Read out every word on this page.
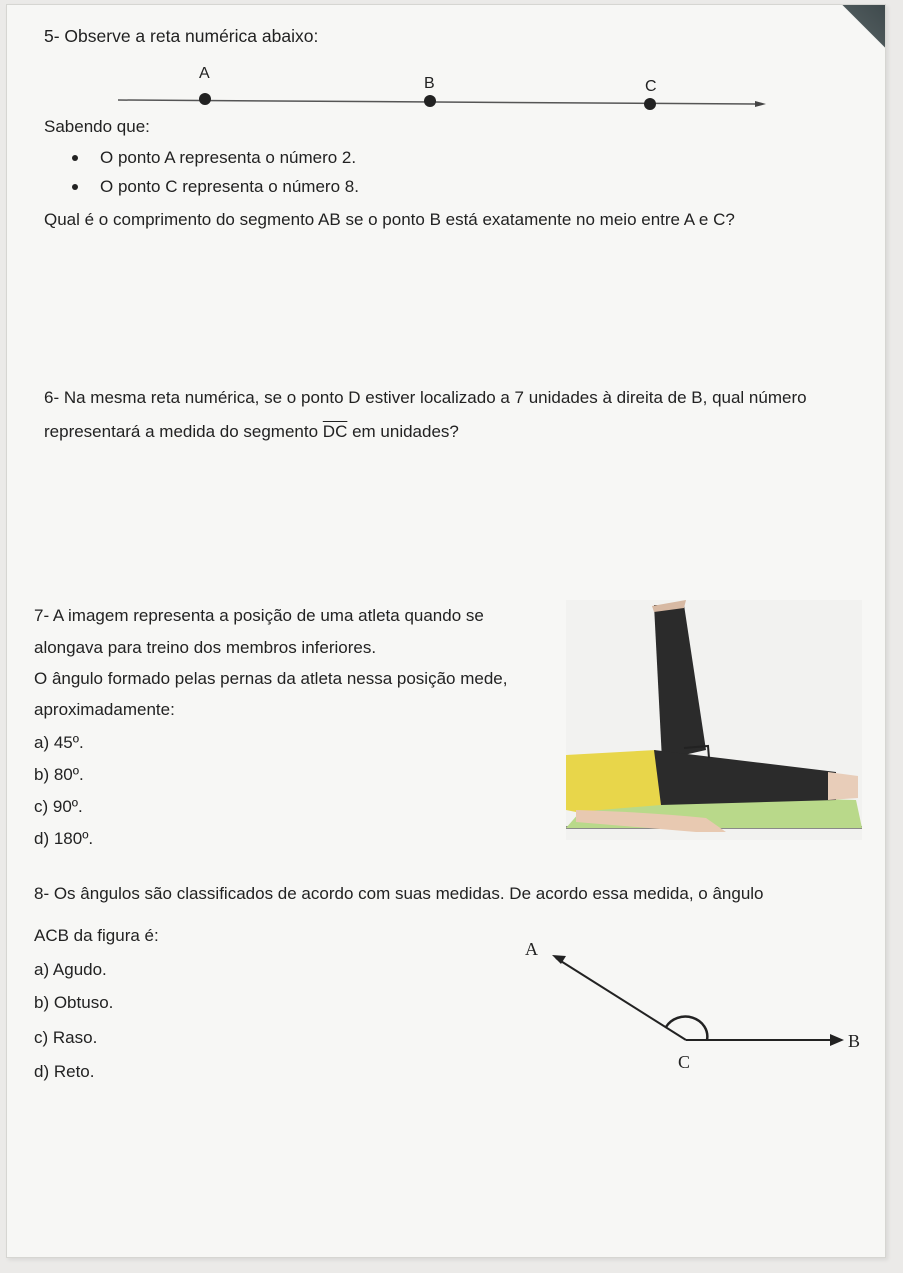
5- Observe a reta numérica abaixo:
A
B	C
Sabendo que:
O ponto A representa o número 2.
O ponto C representa o número 8.
Qual é o comprimento do segmento AB se o ponto B está exatamente no meio entre A e C?
6- Na mesma reta numérica, se o ponto D estiver localizado a 7 unidades à direita de B, qual número
representará a medida do segmento $\overline{DC}$ em unidades?
7- A imagem representa a posição de uma atleta quando se
alongava para treino dos membros inferiores.
O ângulo formado pelas pernas da atleta nessa posição mede,
aproximadamente:
a) 45º.
b) 80º.
c) 90º.
d) 180º.
8- Os ângulos são classificados de acordo com suas medidas. De acordo essa medida, o ângulo
ACB da figura é:
a) Agudo.
b) Obtuso.
c) Raso.
d) Reto.
A
B
C
